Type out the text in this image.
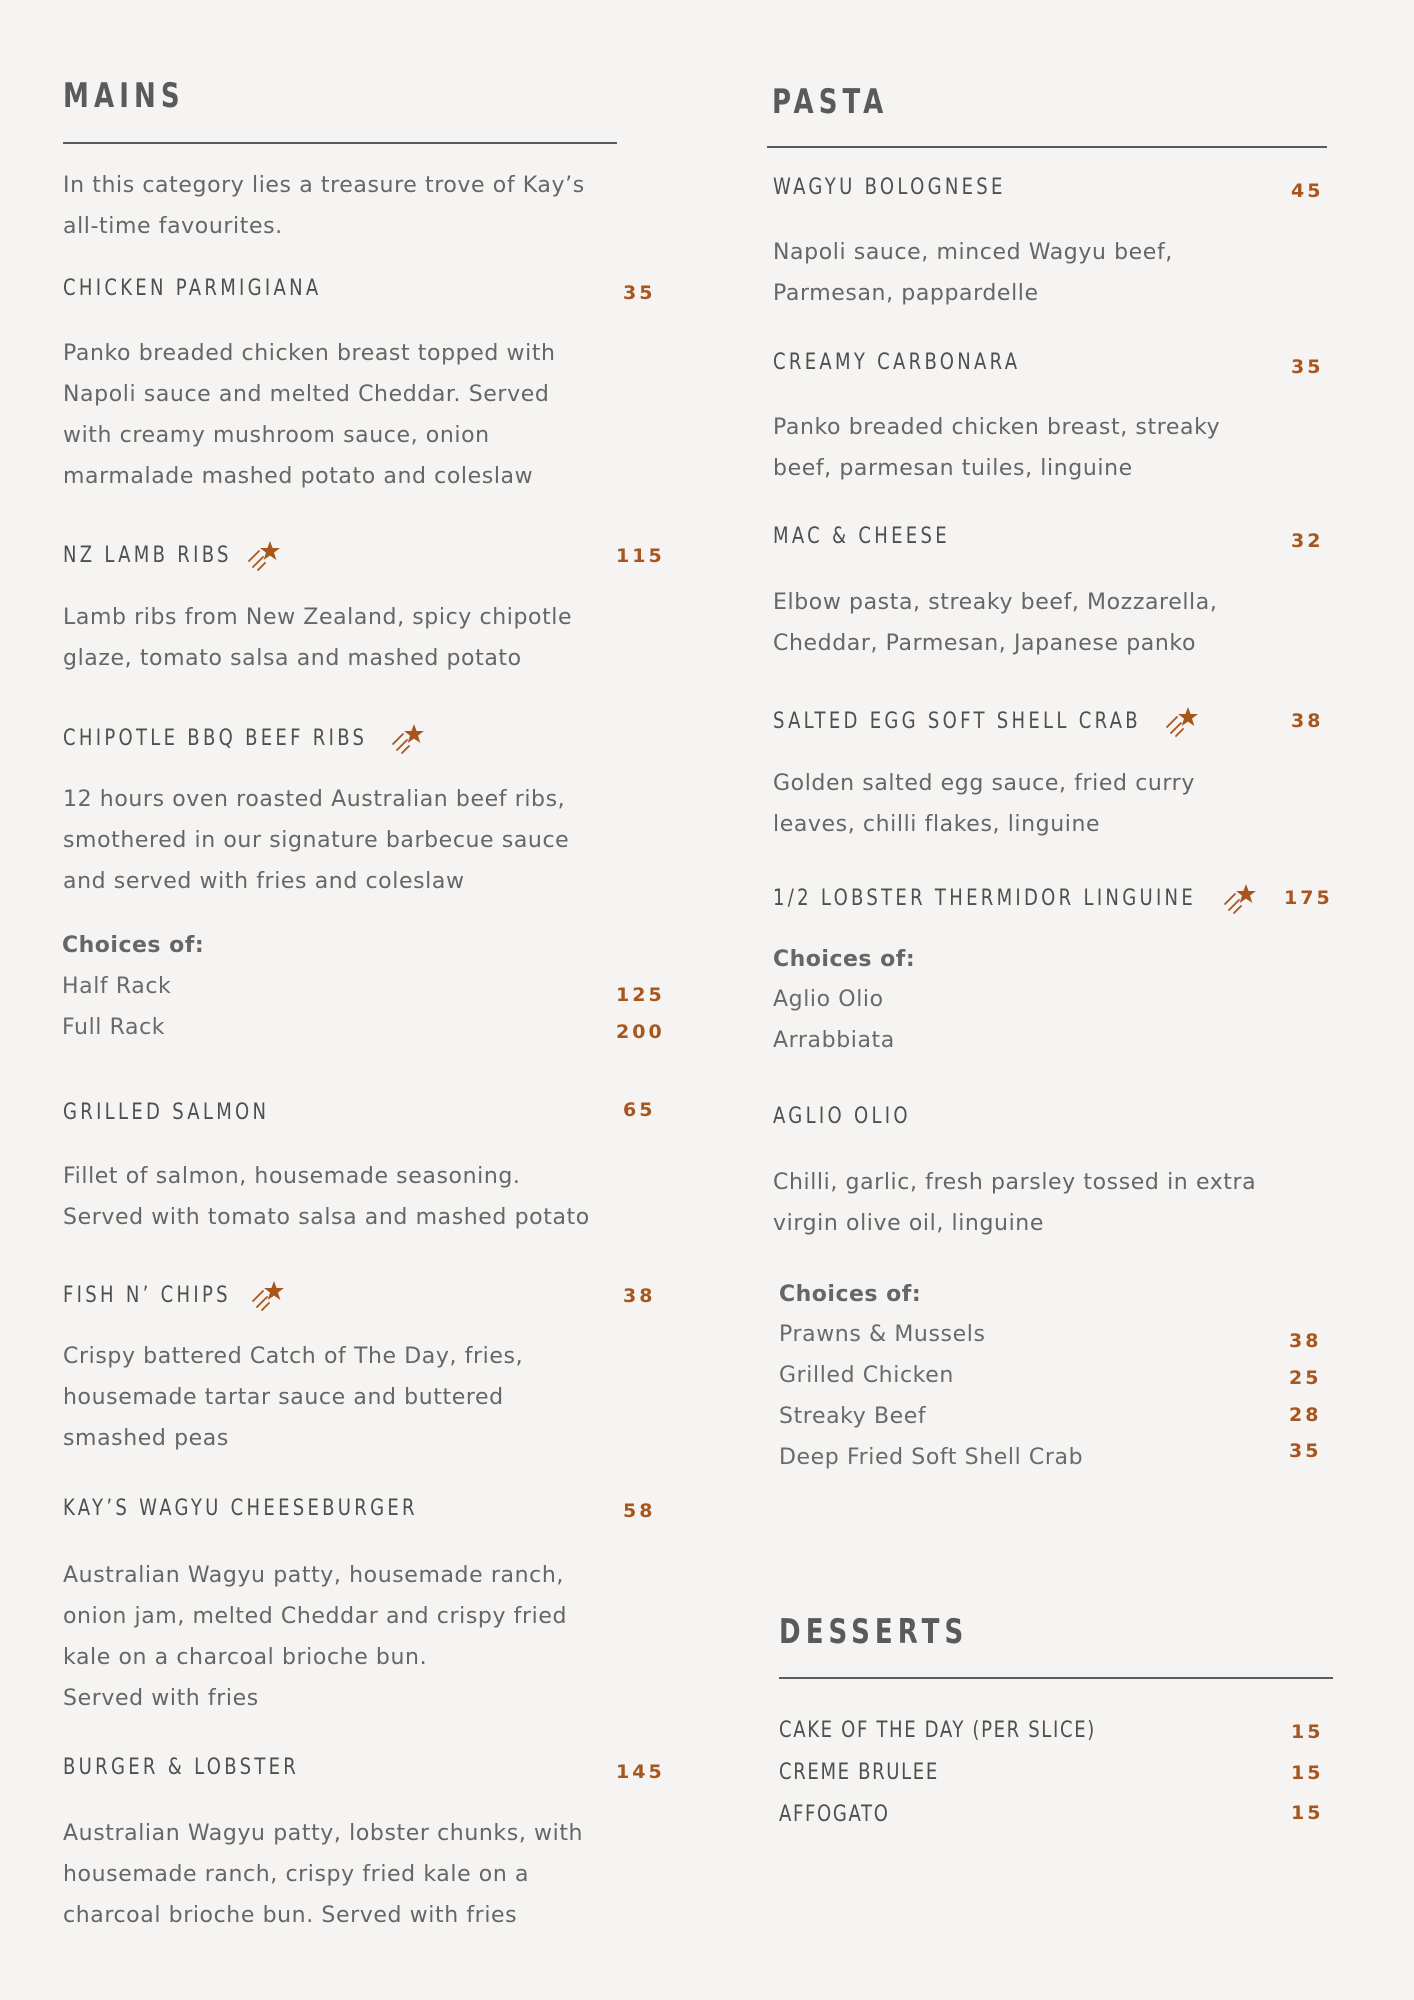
MAINS
In this category lies a treasure trove of Kay’s
all-time favourites.
CHICKEN PARMIGIANA	35
Panko breaded chicken breast topped with
Napoli sauce and melted Cheddar. Served
with creamy mushroom sauce, onion
marmalade mashed potato and coleslaw
NZ LAMB RIBS	115
Lamb ribs from New Zealand, spicy chipotle
glaze, tomato salsa and mashed potato
CHIPOTLE BBQ BEEF RIBS
12 hours oven roasted Australian beef ribs,
smothered in our signature barbecue sauce
and served with fries and coleslaw
Choices of:
Half Rack	125
Full Rack	200
GRILLED SALMON	65
Fillet of salmon, housemade seasoning.
Served with tomato salsa and mashed potato
FISH N’ CHIPS	38
Crispy battered Catch of The Day, fries,
housemade tartar sauce and buttered
smashed peas
KAY’S WAGYU CHEESEBURGER	58
Australian Wagyu patty, housemade ranch,
onion jam, melted Cheddar and crispy fried
kale on a charcoal brioche bun.
Served with fries
BURGER & LOBSTER	145
Australian Wagyu patty, lobster chunks, with
housemade ranch, crispy fried kale on a
charcoal brioche bun. Served with fries
PASTA
WAGYU BOLOGNESE	45
Napoli sauce, minced Wagyu beef,
Parmesan, pappardelle
CREAMY CARBONARA	35
Panko breaded chicken breast, streaky
beef, parmesan tuiles, linguine
MAC & CHEESE	32
Elbow pasta, streaky beef, Mozzarella,
Cheddar, Parmesan, Japanese panko
SALTED EGG SOFT SHELL CRAB	38
Golden salted egg sauce, fried curry
leaves, chilli flakes, linguine
1/2 LOBSTER THERMIDOR LINGUINE	175
Choices of:
Aglio Olio
Arrabbiata
AGLIO OLIO
Chilli, garlic, fresh parsley tossed in extra
virgin olive oil, linguine
Choices of:
Prawns & Mussels	38
Grilled Chicken	25
Streaky Beef	28
Deep Fried Soft Shell Crab	35
DESSERTS
CAKE OF THE DAY (PER SLICE)	15
CREME BRULEE	15
AFFOGATO	15
